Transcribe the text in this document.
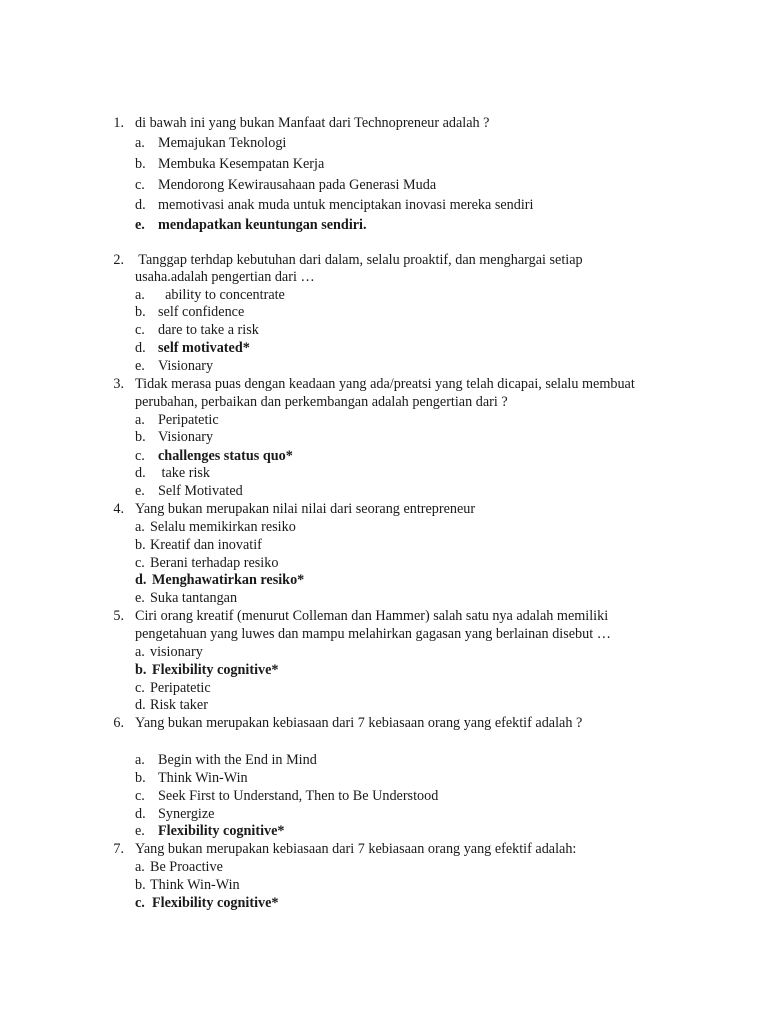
1. di bawah ini yang bukan Manfaat dari Technopreneur adalah ?
a. Memajukan Teknologi
b. Membuka Kesempatan Kerja
c. Mendorong Kewirausahaan pada Generasi Muda
d. memotivasi anak muda untuk menciptakan inovasi mereka sendiri
e. mendapatkan keuntungan sendiri.
2. Tanggap terhdap kebutuhan dari dalam, selalu proaktif, dan menghargai setiap
usaha.adalah pengertian dari …
a. ability to concentrate
b. self confidence
c. dare to take a risk
d. self motivated*
e. Visionary
3. Tidak merasa puas dengan keadaan yang ada/preatsi yang telah dicapai, selalu membuat
perubahan, perbaikan dan perkembangan adalah pengertian dari ?
a. Peripatetic
b. Visionary
c. challenges status quo*
d. take risk
e. Self Motivated
4. Yang bukan merupakan nilai nilai dari seorang entrepreneur
a. Selalu memikirkan resiko
b. Kreatif dan inovatif
c. Berani terhadap resiko
d. Menghawatirkan resiko*
e. Suka tantangan
5. Ciri orang kreatif (menurut Colleman dan Hammer) salah satu nya adalah memiliki
pengetahuan yang luwes dan mampu melahirkan gagasan yang berlainan disebut …
a. visionary
b. Flexibility cognitive*
c. Peripatetic
d. Risk taker
6. Yang bukan merupakan kebiasaan dari 7 kebiasaan orang yang efektif adalah ?
a. Begin with the End in Mind
b. Think Win-Win
c. Seek First to Understand, Then to Be Understood
d. Synergize
e. Flexibility cognitive*
7. Yang bukan merupakan kebiasaan dari 7 kebiasaan orang yang efektif adalah:
a. Be Proactive
b. Think Win-Win
c. Flexibility cognitive*
